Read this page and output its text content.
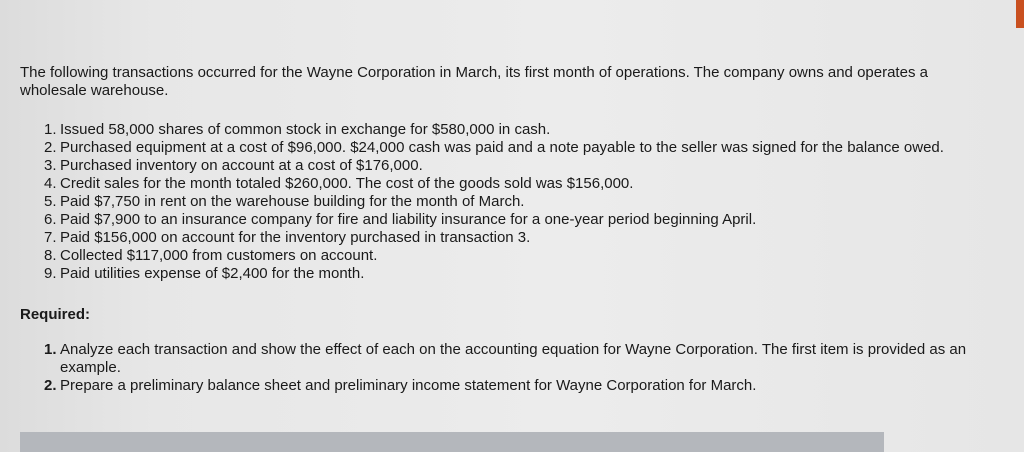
The following transactions occurred for the Wayne Corporation in March, its first month of operations. The company owns and operates a wholesale warehouse.

1. Issued 58,000 shares of common stock in exchange for $580,000 in cash.
2. Purchased equipment at a cost of $96,000. $24,000 cash was paid and a note payable to the seller was signed for the balance owed.
3. Purchased inventory on account at a cost of $176,000.
4. Credit sales for the month totaled $260,000. The cost of the goods sold was $156,000.
5. Paid $7,750 in rent on the warehouse building for the month of March.
6. Paid $7,900 to an insurance company for fire and liability insurance for a one-year period beginning April.
7. Paid $156,000 on account for the inventory purchased in transaction 3.
8. Collected $117,000 from customers on account.
9. Paid utilities expense of $2,400 for the month.

Required:

1. Analyze each transaction and show the effect of each on the accounting equation for Wayne Corporation. The first item is provided as an example.
2. Prepare a preliminary balance sheet and preliminary income statement for Wayne Corporation for March.
